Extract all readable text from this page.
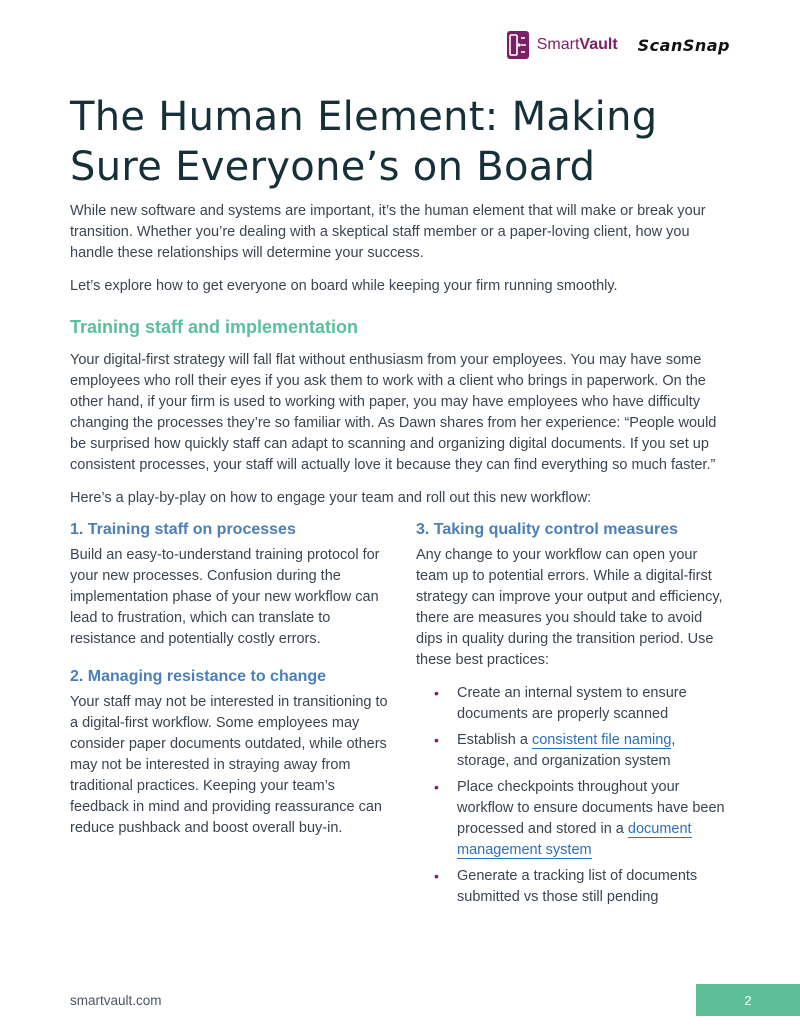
SmartVault ScanSnap
The Human Element: Making Sure Everyone’s on Board

While new software and systems are important, it’s the human element that will make or break your transition. Whether you’re dealing with a skeptical staff member or a paper-loving client, how you handle these relationships will determine your success.

Let’s explore how to get everyone on board while keeping your firm running smoothly.

Training staff and implementation

Your digital-first strategy will fall flat without enthusiasm from your employees. You may have some employees who roll their eyes if you ask them to work with a client who brings in paperwork. On the other hand, if your firm is used to working with paper, you may have employees who have difficulty changing the processes they’re so familiar with. As Dawn shares from her experience: “People would be surprised how quickly staff can adapt to scanning and organizing digital documents. If you set up consistent processes, your staff will actually love it because they can find everything so much faster.”

Here’s a play-by-play on how to engage your team and roll out this new workflow:

1. Training staff on processes

Build an easy-to-understand training protocol for your new processes. Confusion during the implementation phase of your new workflow can lead to frustration, which can translate to resistance and potentially costly errors.

2. Managing resistance to change

Your staff may not be interested in transitioning to a digital-first workflow. Some employees may consider paper documents outdated, while others may not be interested in straying away from traditional practices. Keeping your team’s feedback in mind and providing reassurance can reduce pushback and boost overall buy-in.

3. Taking quality control measures

Any change to your workflow can open your team up to potential errors. While a digital-first strategy can improve your output and efficiency, there are measures you should take to avoid dips in quality during the transition period. Use these best practices:

• Create an internal system to ensure documents are properly scanned
• Establish a consistent file naming, storage, and organization system
• Place checkpoints throughout your workflow to ensure documents have been processed and stored in a document management system
• Generate a tracking list of documents submitted vs those still pending
smartvault.com	2
